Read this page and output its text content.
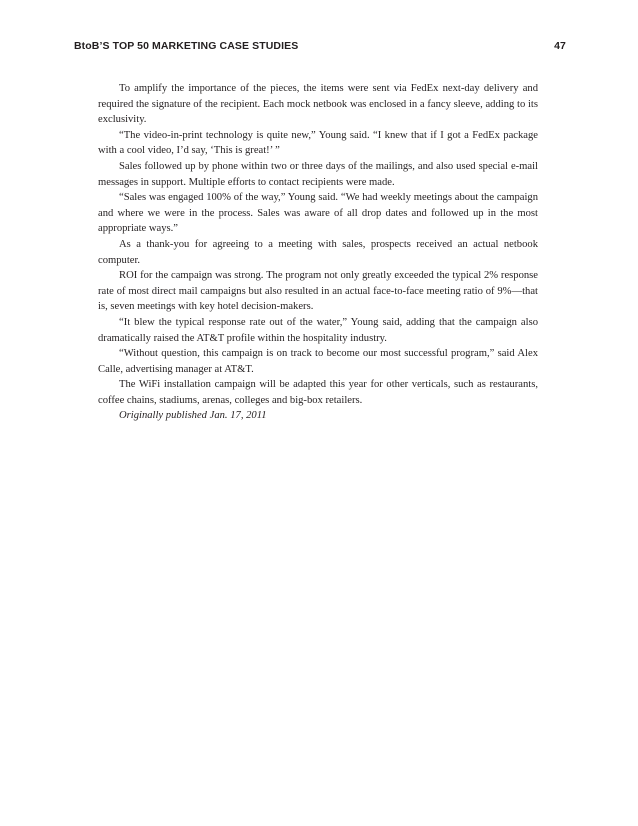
BtoB’S TOP 50 MARKETING CASE STUDIES	47

To amplify the importance of the pieces, the items were sent via FedEx next-day delivery and required the signature of the recipient. Each mock netbook was enclosed in a fancy sleeve, adding to its exclusivity.

“The video-in-print technology is quite new,” Young said. “I knew that if I got a FedEx package with a cool video, I’d say, ‘This is great!’ ”

Sales followed up by phone within two or three days of the mailings, and also used special e-mail messages in support. Multiple efforts to contact recipients were made.

“Sales was engaged 100% of the way,” Young said. “We had weekly meetings about the campaign and where we were in the process. Sales was aware of all drop dates and followed up in the most appropriate ways.”

As a thank-you for agreeing to a meeting with sales, prospects received an actual netbook computer.

ROI for the campaign was strong. The program not only greatly exceeded the typical 2% response rate of most direct mail campaigns but also resulted in an actual face-to-face meeting ratio of 9%—that is, seven meetings with key hotel decision-makers.

“It blew the typical response rate out of the water,” Young said, adding that the campaign also dramatically raised the AT&T profile within the hospitality industry.

“Without question, this campaign is on track to become our most successful program,” said Alex Calle, advertising manager at AT&T.

The WiFi installation campaign will be adapted this year for other verticals, such as restaurants, coffee chains, stadiums, arenas, colleges and big-box retailers.

Originally published Jan. 17, 2011
